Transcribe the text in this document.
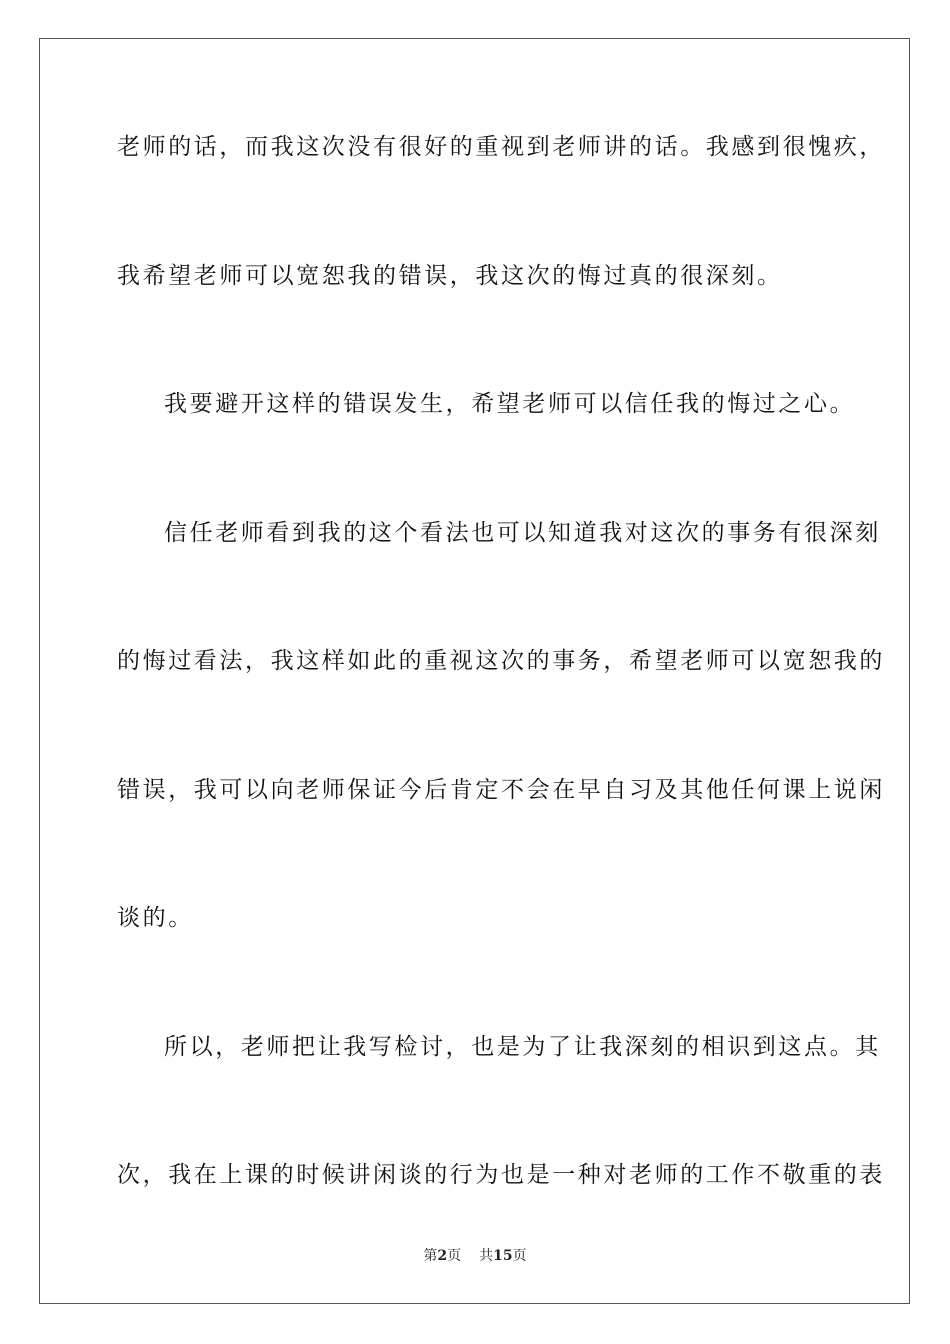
老师的话，而我这次没有很好的重视到老师讲的话。我感到很愧疚，
我希望老师可以宽恕我的错误，我这次的悔过真的很深刻。
我要避开这样的错误发生，希望老师可以信任我的悔过之心。
信任老师看到我的这个看法也可以知道我对这次的事务有很深刻
的悔过看法，我这样如此的重视这次的事务，希望老师可以宽恕我的
错误，我可以向老师保证今后肯定不会在早自习及其他任何课上说闲
谈的。
所以，老师把让我写检讨，也是为了让我深刻的相识到这点。其
次，我在上课的时候讲闲谈的行为也是一种对老师的工作不敬重的表
第2页 共15页
